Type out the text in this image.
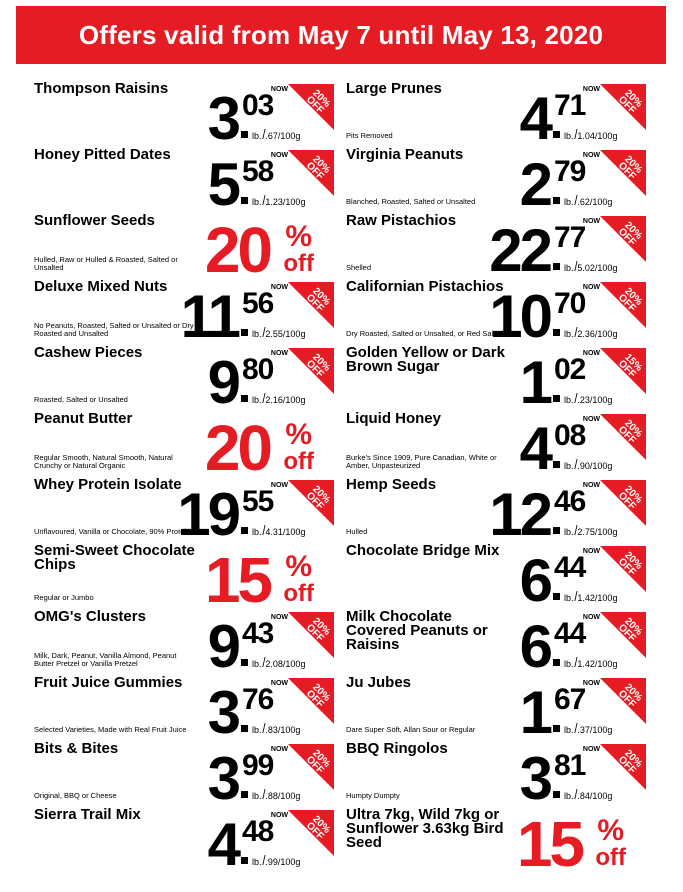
Offers valid from May 7 until May 13, 2020
Thompson Raisins 3 03
lb./.67/100g
NOW	20% OFF
Honey Pitted Dates 5 58
lb./1.23/100g
NOW	20% OFF
Sunflower Seeds
Hulled, Raw or Hulled & Roasted, Salted or Unsalted	20 %
off
Deluxe Mixed Nuts
No Peanuts, Roasted, Salted or Unsalted or Dry Roasted and Unsalted	11 56
lb./2.55/100g
NOW	20% OFF
Cashew Pieces
Roasted, Salted or Unsalted	9 80
lb./2.16/100g
NOW	20% OFF
Peanut Butter
Regular Smooth, Natural Smooth, Natural Crunchy or Natural Organic	20 %
off
Whey Protein Isolate
Unflavoured, Vanilla or Chocolate, 90% Protein
19 55
lb./4.31/100g
NOW	20% OFF
Semi-Sweet Chocolate Chips
Regular or Jumbo	15 %
off
OMG's Clusters
Milk, Dark, Peanut, Vanilla Almond, Peanut Butter Pretzel or Vanilla Pretzel	9 43
lb./2.08/100g
NOW	20% OFF
Fruit Juice Gummies
Selected Varieties, Made with Real Fruit Juice 3 76
lb./.83/100g
NOW	20% OFF
Bits & Bites
Original, BBQ or Cheese	3 99
lb./.88/100g
NOW	20% OFF
Sierra Trail Mix	4 48
lb./.99/100g
NOW	20% OFF
Large Prunes
Pits Removed	4 71
lb./1.04/100g
NOW	20% OFF
Virginia Peanuts
Blanched, Roasted, Salted or Unsalted 2 79
lb./.62/100g
NOW	20% OFF
Raw Pistachios
Shelled	22 77
lb./5.02/100g
NOW	20% OFF
Californian Pistachios
Dry Roasted, Salted or Unsalted, or Red Salted
10 70
lb./2.36/100g
NOW	20% OFF
Golden Yellow or Dark Brown Sugar	1 02
lb./.23/100g
NOW	15% OFF
Liquid Honey
Burke's Since 1909, Pure Canadian, White or Amber, Unpasteurized	4 08
lb./.90/100g
NOW	20% OFF
Hemp Seeds
Hulled	12 46
lb./2.75/100g
NOW	20% OFF
Chocolate Bridge Mix 6 44
lb./1.42/100g
NOW	20% OFF
Milk Chocolate Covered Peanuts or Raisins	6 44
lb./1.42/100g
NOW	20% OFF
Ju Jubes
Dare Super Soft, Allan Sour or Regular 1 67
lb./.37/100g
NOW	20% OFF
BBQ Ringolos
Humpty Dumpty	3 81
lb./.84/100g
NOW	20% OFF
Ultra 7kg, Wild 7kg or Sunflower 3.63kg Bird Seed	15 %
off
